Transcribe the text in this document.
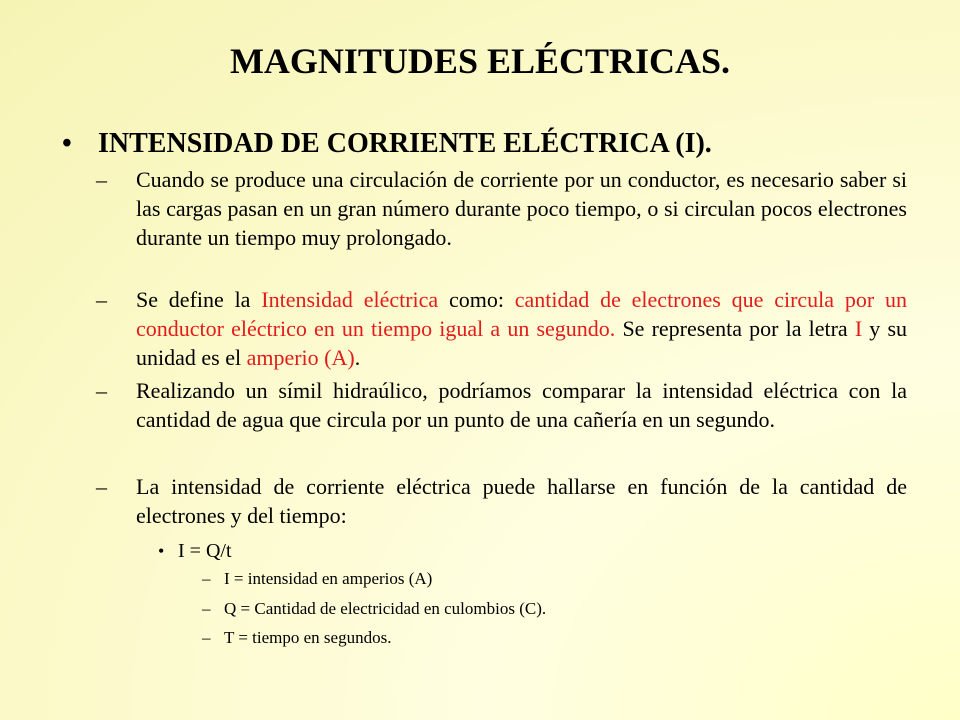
MAGNITUDES ELÉCTRICAS.
• INTENSIDAD DE CORRIENTE ELÉCTRICA (I).
– Cuando se produce una circulación de corriente por un conductor, es necesario saber si las cargas pasan en un gran número durante poco tiempo, o si circulan pocos electrones durante un tiempo muy prolongado.
– Se define la Intensidad eléctrica como: cantidad de electrones que circula por un conductor eléctrico en un tiempo igual a un segundo. Se representa por la letra I y su unidad es el amperio (A).
– Realizando un símil hidraúlico, podríamos comparar la intensidad eléctrica con la cantidad de agua que circula por un punto de una cañería en un segundo.
– La intensidad de corriente eléctrica puede hallarse en función de la cantidad de electrones y del tiempo:
• I = Q/t
– I = intensidad en amperios (A)
– Q = Cantidad de electricidad en culombios (C).
– T = tiempo en segundos.
